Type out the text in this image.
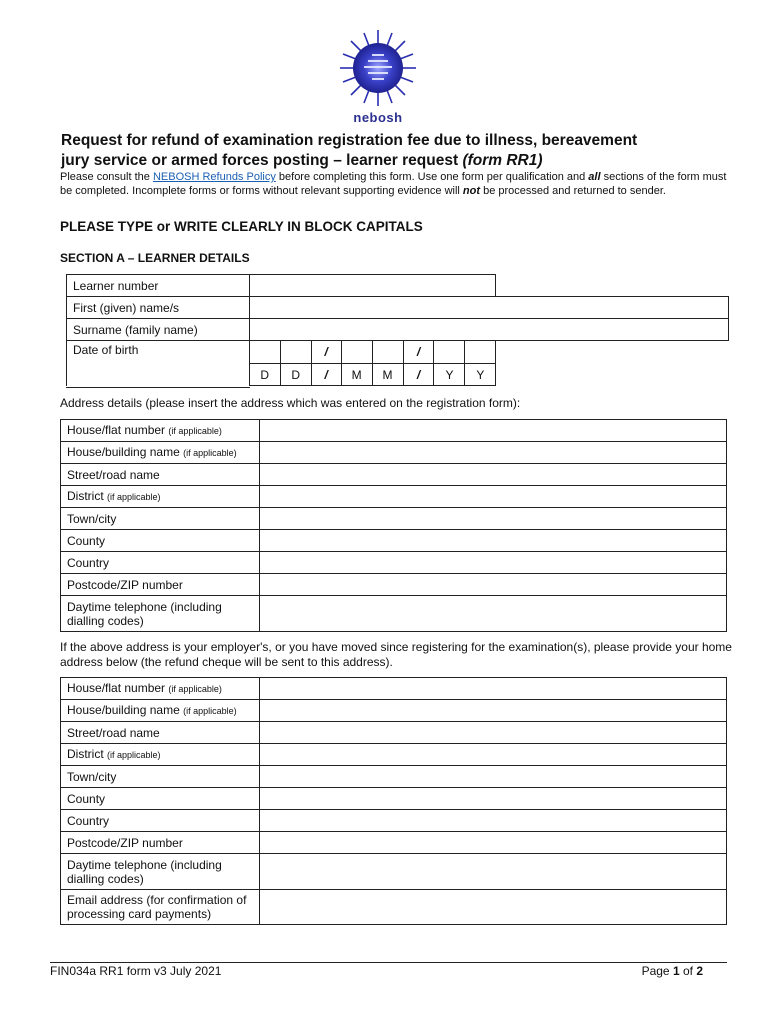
nebosh
Request for refund of examination registration fee due to illness, bereavement
jury service or armed forces posting – learner request (form RR1)
Please consult the NEBOSH Refunds Policy before completing this form. Use one form per qualification and all sections of the form must be completed. Incomplete forms or forms without relevant supporting evidence will not be processed and returned to sender.
PLEASE TYPE or WRITE CLEARLY IN BLOCK CAPITALS
SECTION A – LEARNER DETAILS
Learner number									
First (given) name/s									
Surname (family name)									
Date of birth			/			/			
	D	D	/	M	M	/	Y	Y	
Address details (please insert the address which was entered on the registration form):
House/flat number (if applicable)	
House/building name (if applicable)	
Street/road name	
District (if applicable)	
Town/city	
County	
Country	
Postcode/ZIP number	
Daytime telephone (including dialling codes)	
If the above address is your employer's, or you have moved since registering for the examination(s), please provide your home address below (the refund cheque will be sent to this address).
House/flat number (if applicable)	
House/building name (if applicable)	
Street/road name	
District (if applicable)	
Town/city	
County	
Country	
Postcode/ZIP number	
Daytime telephone (including dialling codes)	
Email address (for confirmation of processing card payments)	
FIN034a RR1 form v3 July 2021	Page 1 of 2
